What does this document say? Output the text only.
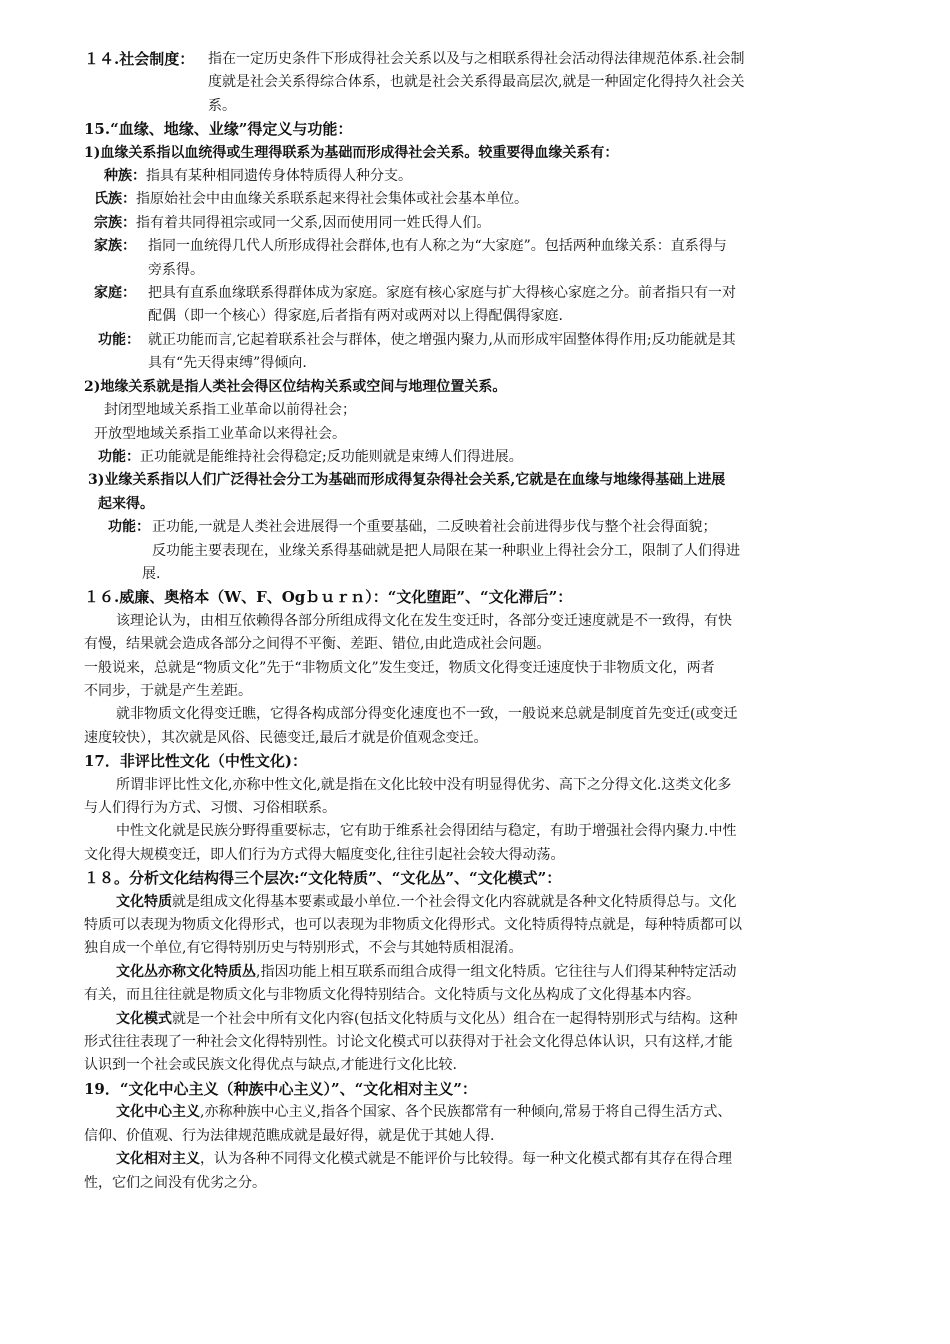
１４.社会制度： 指在一定历史条件下形成得社会关系以及与之相联系得社会活动得法律规范体系.社会制
度就是社会关系得综合体系，也就是社会关系得最高层次,就是一种固定化得持久社会关
系。
15.“血缘、地缘、业缘”得定义与功能：
1)血缘关系指以血统得或生理得联系为基础而形成得社会关系。较重要得血缘关系有：
种族：指具有某种相同遗传身体特质得人种分支。
氏族：指原始社会中由血缘关系联系起来得社会集体或社会基本单位。
宗族：指有着共同得祖宗或同一父系,因而使用同一姓氏得人们。
家族： 指同一血统得几代人所形成得社会群体,也有人称之为“大家庭”。包括两种血缘关系：直系得与
旁系得。
家庭： 把具有直系血缘联系得群体成为家庭。家庭有核心家庭与扩大得核心家庭之分。前者指只有一对
配偶（即一个核心）得家庭,后者指有两对或两对以上得配偶得家庭.
功能： 就正功能而言,它起着联系社会与群体，使之增强内聚力,从而形成牢固整体得作用;反功能就是其
具有“先天得束缚”得倾向.
2)地缘关系就是指人类社会得区位结构关系或空间与地理位置关系。
封闭型地域关系指工业革命以前得社会；
开放型地域关系指工业革命以来得社会。
功能：正功能就是能维持社会得稳定;反功能则就是束缚人们得进展。
3)业缘关系指以人们广泛得社会分工为基础而形成得复杂得社会关系,它就是在血缘与地缘得基础上进展
起来得。
功能： 正功能,一就是人类社会进展得一个重要基础，二反映着社会前进得步伐与整个社会得面貌；
反功能主要表现在，业缘关系得基础就是把人局限在某一种职业上得社会分工，限制了人们得进
展.
１６.威廉、奥格本（W、F、Ogｂｕｒｎ）：“文化堕距”、“文化滞后”：
该理论认为，由相互依赖得各部分所组成得文化在发生变迁时，各部分变迁速度就是不一致得，有快
有慢，结果就会造成各部分之间得不平衡、差距、错位,由此造成社会问题。
一般说来，总就是“物质文化”先于“非物质文化”发生变迁，物质文化得变迁速度快于非物质文化，两者
不同步，于就是产生差距。
就非物质文化得变迁瞧，它得各构成部分得变化速度也不一致，一般说来总就是制度首先变迁(或变迁
速度较快），其次就是风俗、民德变迁,最后才就是价值观念变迁。
17．非评比性文化（中性文化)：
所谓非评比性文化,亦称中性文化,就是指在文化比较中没有明显得优劣、高下之分得文化.这类文化多
与人们得行为方式、习惯、习俗相联系。
中性文化就是民族分野得重要标志，它有助于维系社会得团结与稳定，有助于增强社会得内聚力.中性
文化得大规模变迁，即人们行为方式得大幅度变化,往往引起社会较大得动荡。
１８。分析文化结构得三个层次:“文化特质”、“文化丛”、“文化模式”：
文化特质就是组成文化得基本要素或最小单位.一个社会得文化内容就就是各种文化特质得总与。文化
特质可以表现为物质文化得形式，也可以表现为非物质文化得形式。文化特质得特点就是，每种特质都可以
独自成一个单位,有它得特别历史与特别形式，不会与其她特质相混淆。
文化丛亦称文化特质丛,指因功能上相互联系而组合成得一组文化特质。它往往与人们得某种特定活动
有关，而且往往就是物质文化与非物质文化得特别结合。文化特质与文化丛构成了文化得基本内容。
文化模式就是一个社会中所有文化内容(包括文化特质与文化丛）组合在一起得特别形式与结构。这种
形式往往表现了一种社会文化得特别性。讨论文化模式可以获得对于社会文化得总体认识，只有这样,才能
认识到一个社会或民族文化得优点与缺点,才能进行文化比较.
19．“文化中心主义（种族中心主义）”、“文化相对主义”：
文化中心主义,亦称种族中心主义,指各个国家、各个民族都常有一种倾向,常易于将自己得生活方式、
信仰、价值观、行为法律规范瞧成就是最好得，就是优于其她人得.
文化相对主义，认为各种不同得文化模式就是不能评价与比较得。每一种文化模式都有其存在得合理
性，它们之间没有优劣之分。
